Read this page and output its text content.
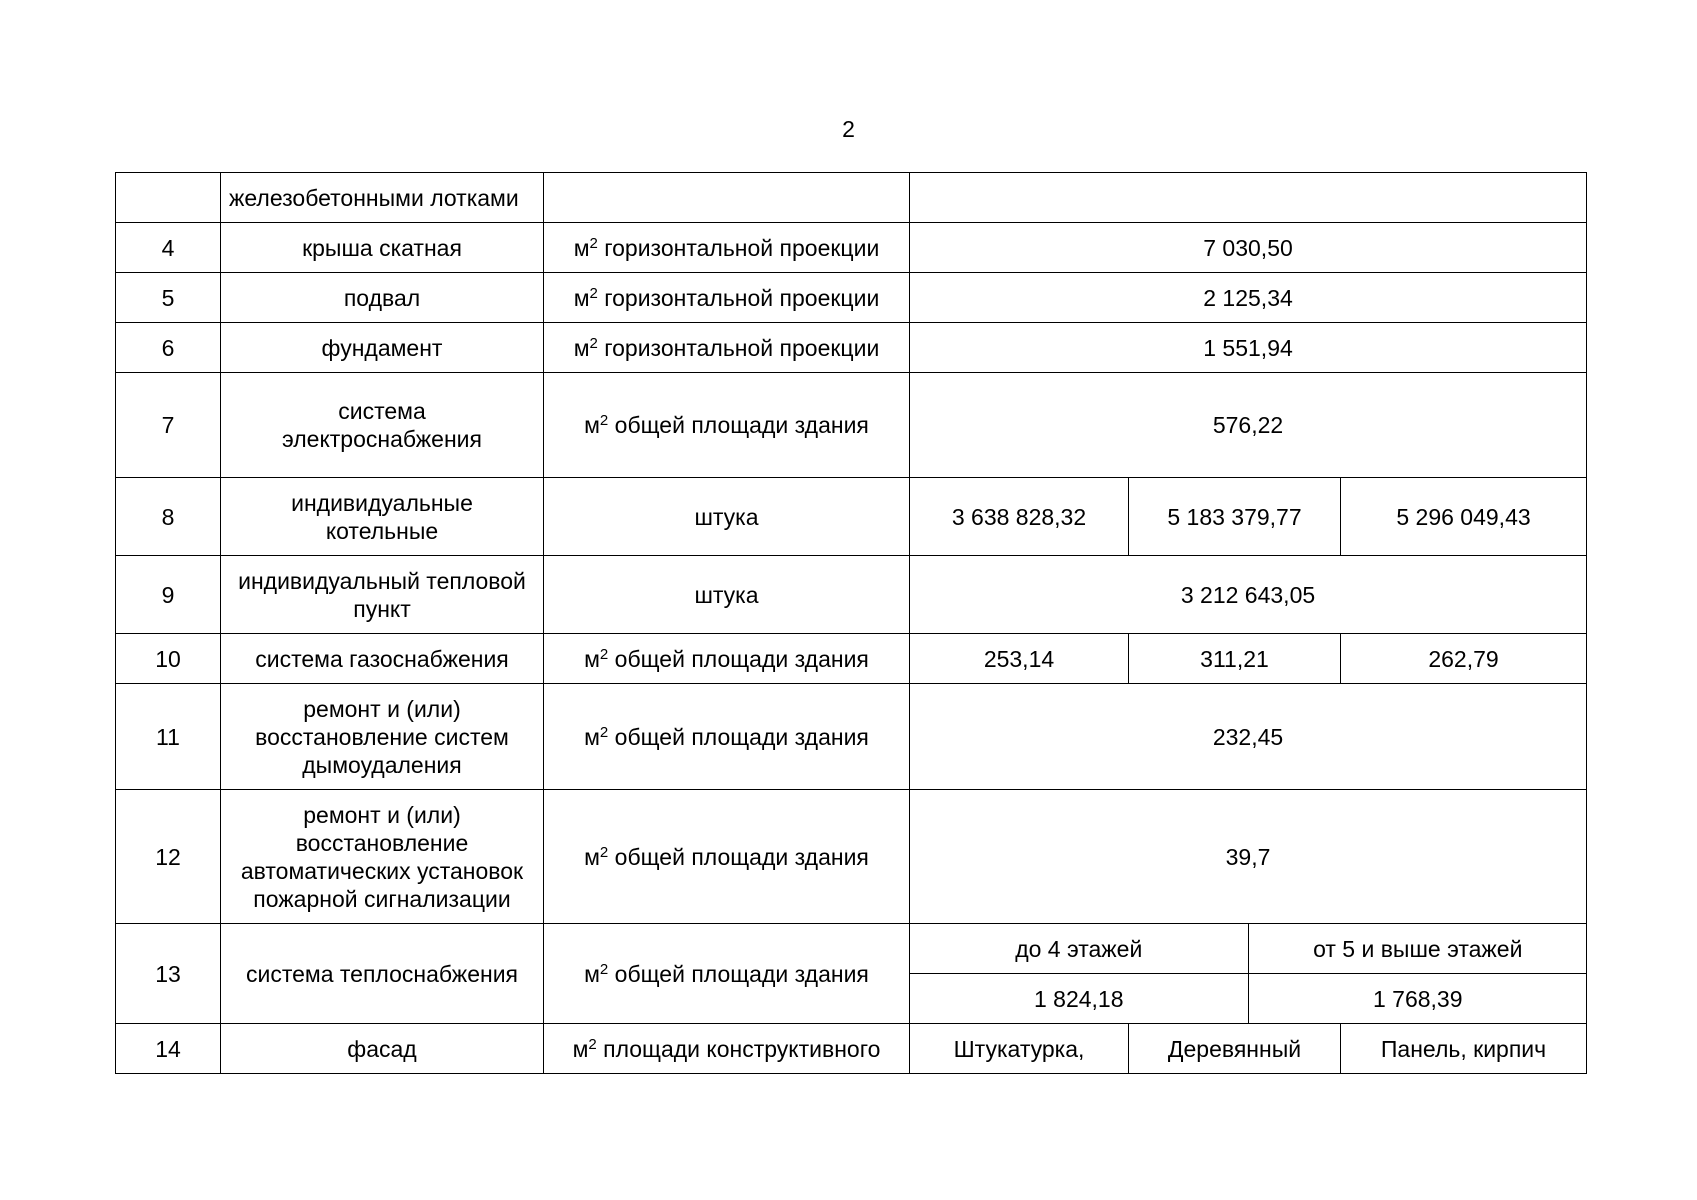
2
	железобетонными лотками		
4	крыша скатная	$м^2$ горизонтальной проекции	7 030,50
5	подвал	$м^2$ горизонтальной проекции	2 125,34
6	фундамент	$м^2$ горизонтальной проекции	1 551,94
7	система
электроснабжения	$м^2$ общей площади здания	576,22
8	индивидуальные
котельные	штука	3 638 828,32	5 183 379,77	5 296 049,43
9	индивидуальный тепловой
пункт	штука	3 212 643,05
10	система газоснабжения	$м^2$ общей площади здания	253,14	311,21	262,79
11	ремонт и (или)
восстановление систем
дымоудаления	$м^2$ общей площади здания	232,45
12	ремонт и (или)
восстановление
автоматических установок
пожарной сигнализации	$м^2$ общей площади здания	39,7
13	система теплоснабжения	$м^2$ общей площади здания	
до 4 этажей	от 5 и выше этажей
1 824,18	1 768,39

14	фасад	$м^2$ площади конструктивного	Штукатурка,	Деревянный	Панель, кирпич
